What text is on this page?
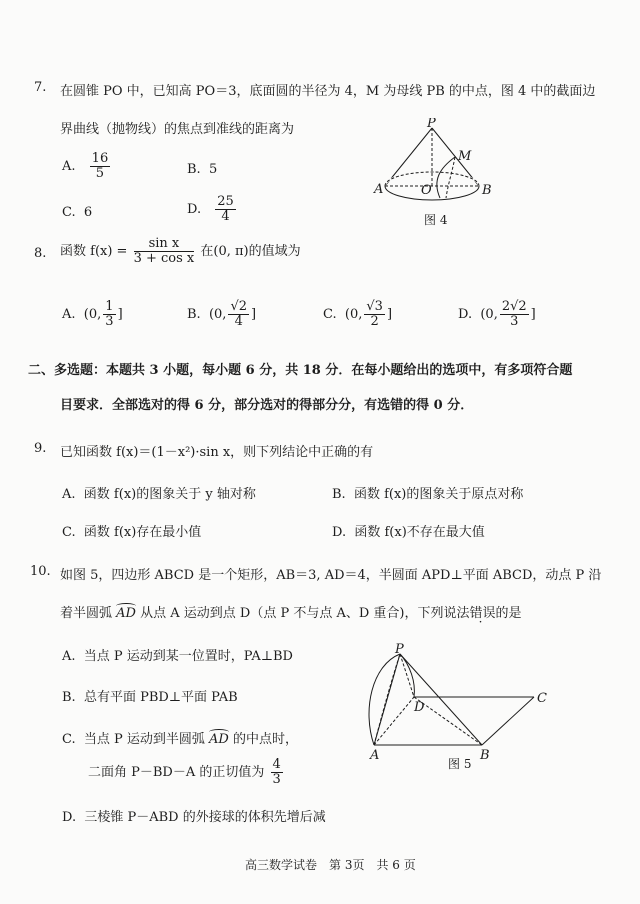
7. 在圆锥 PO 中，已知高 PO＝3，底面圆的半径为 4，M 为母线 PB 的中点，图 4 中的截面边
界曲线（抛物线）的焦点到准线的距离为
A. $\frac{16}{5}$	B. 5
C. 6	D. $\frac{25}{4}$
P
M
A	O	B
图 4
8. 函数 $f(x) = \frac{\text{sin x}}{\text{3 + cos x}}$ 在(0, π)的值域为
A. (0, $\frac{1}{3}$ ]	B. (0, $\frac{√2}{4}$ ]	C. (0, $\frac{√3}{2}$ ]	D. (0, $\frac{2√2}{3}$ ]
二、多选题：本题共 3 小题，每小题 6 分，共 18 分．在每小题给出的选项中，有多项符合题
目要求．全部选对的得 6 分，部分选对的得部分分，有选错的得 0 分．
9. 已知函数 f(x)＝(1－x²)·sin x，则下列结论中正确的有
A. 函数 f(x)的图象关于 y 轴对称	B. 函数 f(x)的图象关于原点对称
C. 函数 f(x)存在最小值	D. 函数 f(x)不存在最大值
10. 如图 5，四边形 ABCD 是一个矩形，AB＝3, AD＝4，半圆面 APD⊥平面 ABCD，动点 P 沿
着半圆弧 AD 从点 A 运动到点 D（点 P 不与点 A、D 重合)，下列说法错误的是
A. 当点 P 运动到某一位置时，PA⊥BD
B. 总有平面 PBD⊥平面 PAB
C. 当点 P 运动到半圆弧 AD 的中点时，
二面角 P－BD－A 的正切值为 $\frac{4}{3}$
D. 三棱锥 P－ABD 的外接球的体积先增后减
P
D
C
A	B
图 5
高三数学试卷　第 3页　共 6 页
